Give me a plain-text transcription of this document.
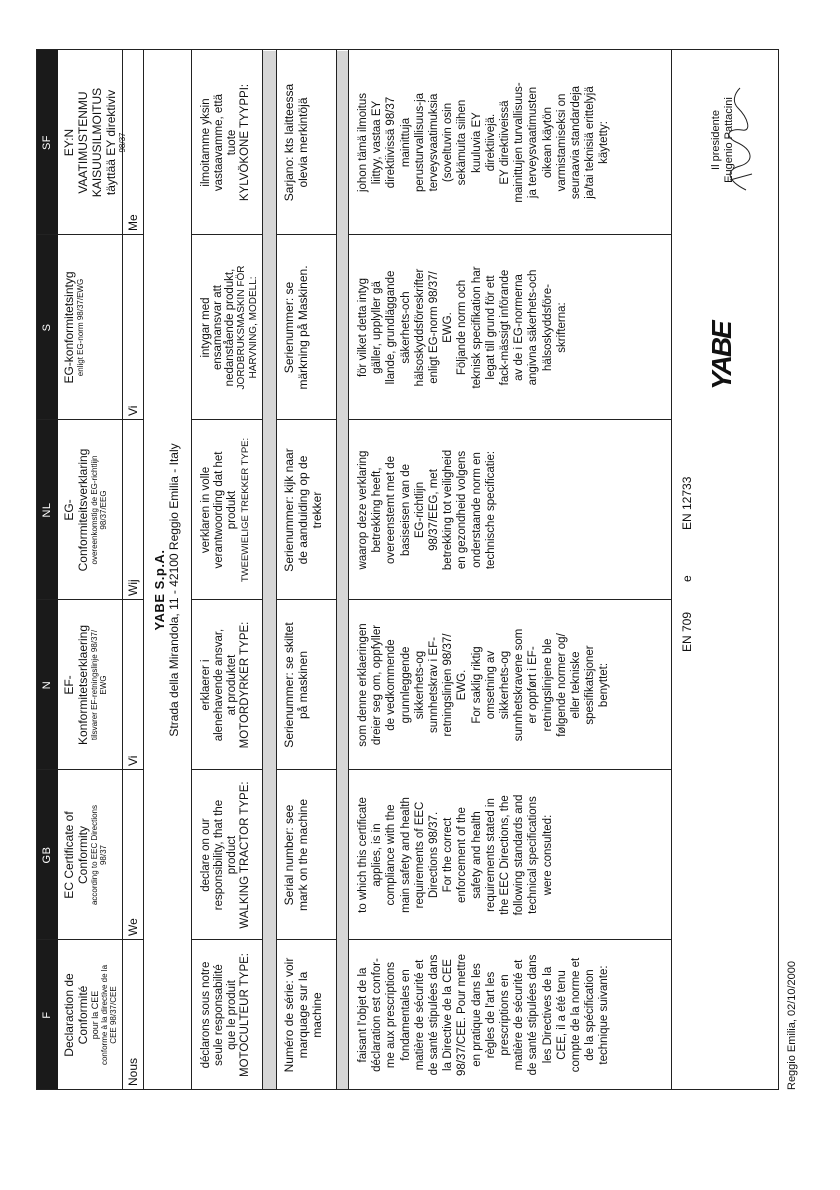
F
GB
N
NL
S
SF
Declaraction de Conformité pour la CEE conforme à la directive de la CEE 98/37/CEE
EC Certificate of Conformity according to EEC Directions 98/37
EF- Konformitetserklaering tilsvarer EF-retningslinje 98/37/ EWG
EG- Conformiteitsverklaring overeenkomstig de EG-richtlijn 98/37/EEG
EG-konformitetsintyg enligt EG-norm 98/37/EWG
EY:N VAATIMUSTENMU KAISUUSILMOITUS täyttää EY direktiviv 98/37
Nous
We
Vi
Wij
Vi
Me
YABE S.p.A. Strada della Mirandola, 11 - 42100 Reggio Emilia - Italy
déclarons sous notre seule responsabilité que le produit MOTOCULTEUR TYPE:
declare on our responsibility, that the product WALKING TRACTOR TYPE:
erklaerer i alenehavende ansvar, at produktet MOTORDYRKER TYPE:
verklaren in volle verantwoording dat het produkt TWEEWIELIGE TREKKER TYPE:
intygar med ensamansvar att nedanstående produkt, JORDBRUKSMASKIN FÖR HARVNING, MODELL:
ilmoitamme yksin vastaavamme, että tuote KYLVÖKONE TYYPPI:
Numéro de série: voir marquage sur la machine
Serial number: see mark on the machine
Serienummer: se skiltet på maskinen
Serienummer: kijk naar de aanduiding op de trekker
Serienummer: se märkning på Maskinen.
Sarjano: kts laitteessa olevia merkintöjä
faisant l'objet de la déclaration est confor- me aux prescriptions fondamentales en matière de sécurité et de santé stipulées dans la Directive de la CEE 98/37/CEE. Pour mettre en pratique dans les règles de l'art les prescriptions en matière de sécurité et de santé stipulées dans les Directives de la CEE, il a été tenu compte de la norme et de la spécification technique suivante:
to which this certificate applies, is in compliance with the main safety and health requirements of EEC Directions 98/37. For the correct enforcement of the safety and health requirements stated in the EEC Directions, the following standards and technical specifications were consulted:
som denne erklaeringen dreier seg om, oppfyller de vedkommende grunnleggende sikkerhets-og sunnhetskrav i EF- retningslinjen 98/37/ EWG. For saklig riktig omsetning av sikkerhets-og sunnhetskravene som er oppført i EF- retningslinjene ble følgende normer og/ eller tekniske spesifikatsjoner benyttet:
waarop deze verklaring betrekking heeft, overeenstemt met de basiseisen van de EG-richtlijn 98/37/EEG, met betrekking tot veiligheid en gezondheid volgens onderstaande norm en technische specificatie:
för vilket detta intyg gäller, upplyller gä llande, grundläggande säkerhets-och hälsoskyddsföreskrifter enligt EG-norm 98/37/ EWG. Följande norm och teknisk specifikation har legat till grund för ett fack-mässigt införande av de i EG-normerna angivna säkerhets-och hälsoskyddsföre- skrifterna:
johon tämä ilmoitus liittyy, vastaa EY direktiivissä 98/37 mainittuja perusturvallisuus-ja terveysvaatimuksia (soveltuvin osin sekämuita siihen kuuluvia EY direktiivejä. EY direktiiveissä mainittujen turvallisuus- ja terveysvaatimusten oikean käytön varmistamiseksi on seuraavia standardeja ja/tai teknisiä erittelyjä käytetty:
EN 709
e
EN 12733
Reggio Emilia, 02/10/2000
YABE
Il presidente Eugenio Pattacini
